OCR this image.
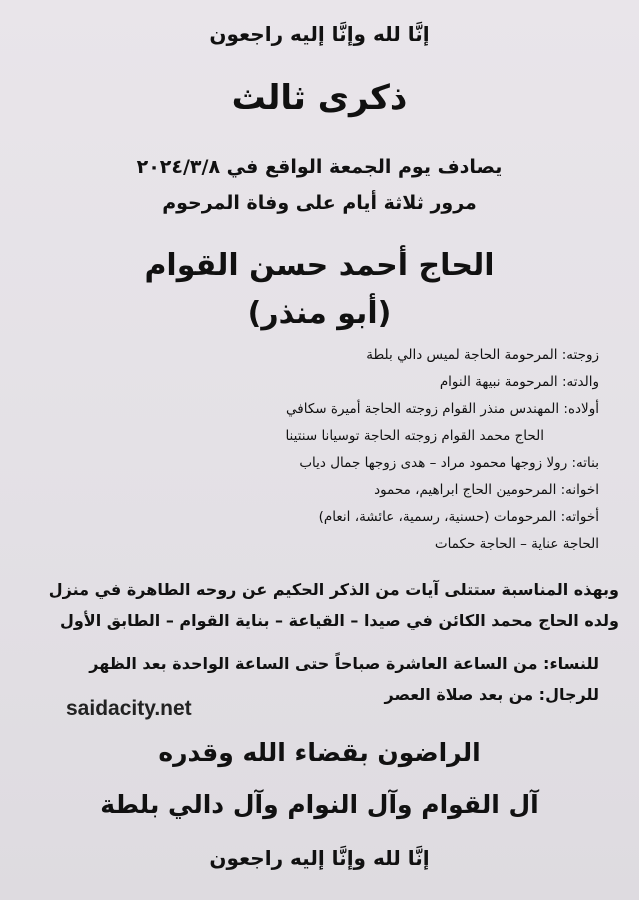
إنَّا لله وإنَّا إليه راجعون
ذكرى ثالث
يصادف يوم الجمعة الواقع في ٢٠٢٤/٣/٨
مرور ثلاثة أيام على وفاة المرحوم
الحاج أحمد حسن القوام
(أبو منذر)
زوجته: المرحومة الحاجة لميس دالي بلطة
والدته: المرحومة نبيهة النوام
أولاده: المهندس منذر القوام زوجته الحاجة أميرة سكافي
الحاج محمد القوام زوجته الحاجة توسيانا سنتينا
بناته: رولا زوجها محمود مراد – هدى زوجها جمال دياب
اخوانه: المرحومين الحاج ابراهيم، محمود
أخواته: المرحومات (حسنية، رسمية، عائشة، انعام)
الحاجة عناية – الحاجة حكمات
وبهذه المناسبة ستتلى آيات من الذكر الحكيم عن روحه الطاهرة في منزل
ولده الحاج محمد الكائن في صيدا – القياعة – بناية القوام – الطابق الأول
للنساء: من الساعة العاشرة صباحاً حتى الساعة الواحدة بعد الظهر
للرجال: من بعد صلاة العصر
saidacity.net
الراضون بقضاء الله وقدره
آل القوام وآل النوام وآل دالي بلطة
إنَّا لله وإنَّا إليه راجعون
